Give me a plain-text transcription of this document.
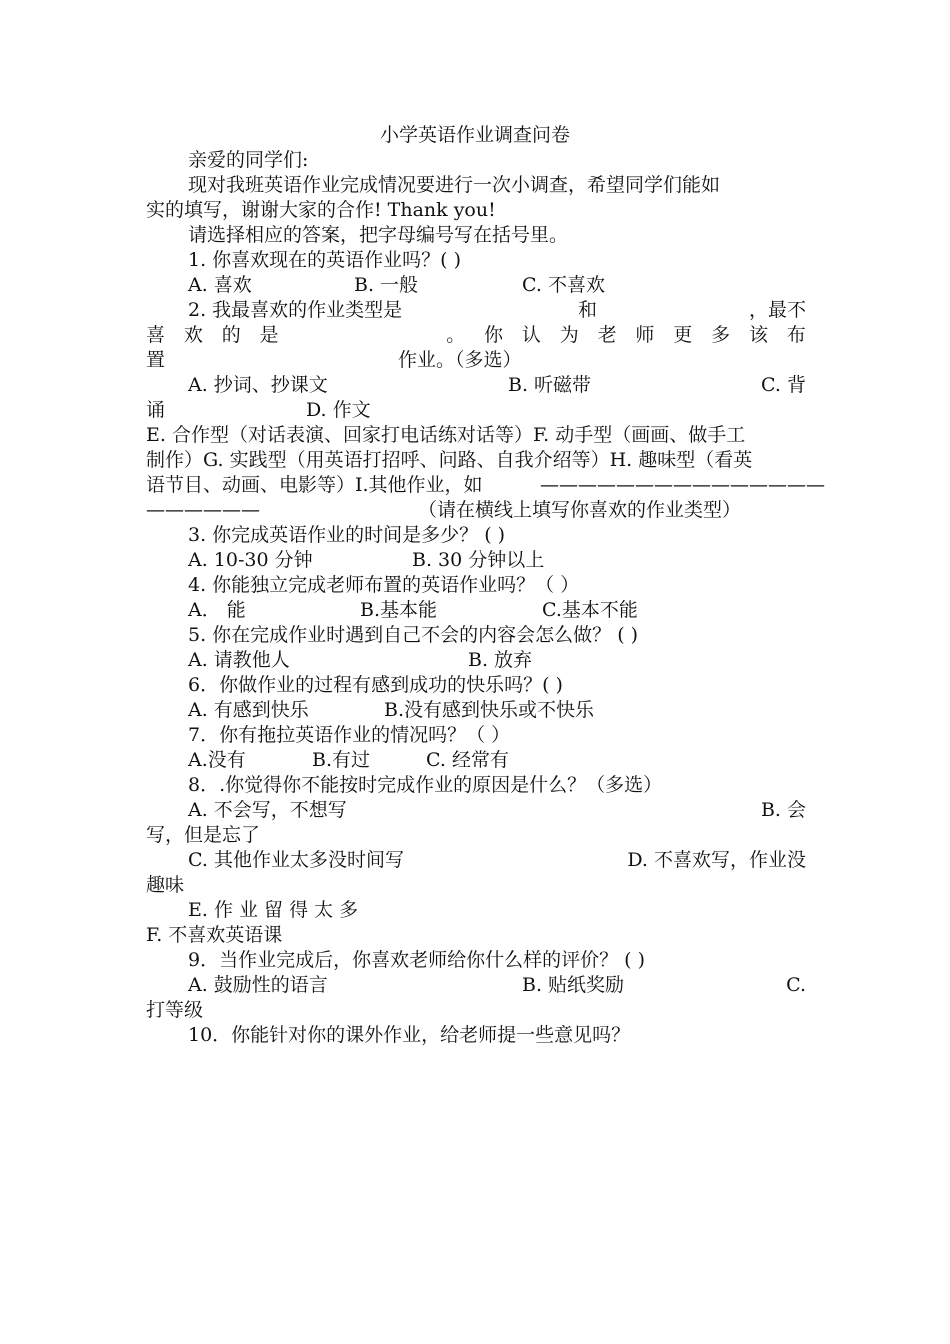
小学英语作业调查问卷

亲爱的同学们:

现对我班英语作业完成情况要进行一次小调查，希望同学们能如

实的填写，谢谢大家的合作! Thank you!

请选择相应的答案，把字母编号写在括号里。

1. 你喜欢现在的英语作业吗？( )

A. 喜欢	B. 一般	C. 不喜欢
2. 我最喜欢的作业类型是	和	，最不
喜 欢 的 是	。 你 认 为 老 师 更 多 该 布
置	作业。（多选）
A. 抄词、抄课文	B. 听磁带	C. 背
诵	D. 作文

E. 合作型（对话表演、回家打电话练对话等）F. 动手型（画画、做手工

制作）G. 实践型（用英语打招呼、问路、自我介绍等）H. 趣味型（看英

语节目、动画、电影等）I.其他作业，如	———————————————
——————	（请在横线上填写你喜欢的作业类型）

3. 你完成英语作业的时间是多少？ ( )

A. 10-30 分钟	B. 30 分钟以上

4. 你能独立完成老师布置的英语作业吗？（ ）

A． 能	B.基本能	C.基本不能

5. 你在完成作业时遇到自己不会的内容会怎么做？ ( )

A. 请教他人	B. 放弃

6．你做作业的过程有感到成功的快乐吗？( )

A. 有感到快乐	B.没有感到快乐或不快乐

7．你有拖拉英语作业的情况吗？（ ）

A.没有	B.有过	C. 经常有

8．.你觉得你不能按时完成作业的原因是什么？（多选）

A. 不会写，不想写	B. 会

写，但是忘了

C. 其他作业太多没时间写	D. 不喜欢写，作业没

趣味

E. 作 业 留 得 太 多

F. 不喜欢英语课

9．当作业完成后，你喜欢老师给你什么样的评价？ ( )

A. 鼓励性的语言	B. 贴纸奖励	C.

打等级

10．你能针对你的课外作业，给老师提一些意见吗？
